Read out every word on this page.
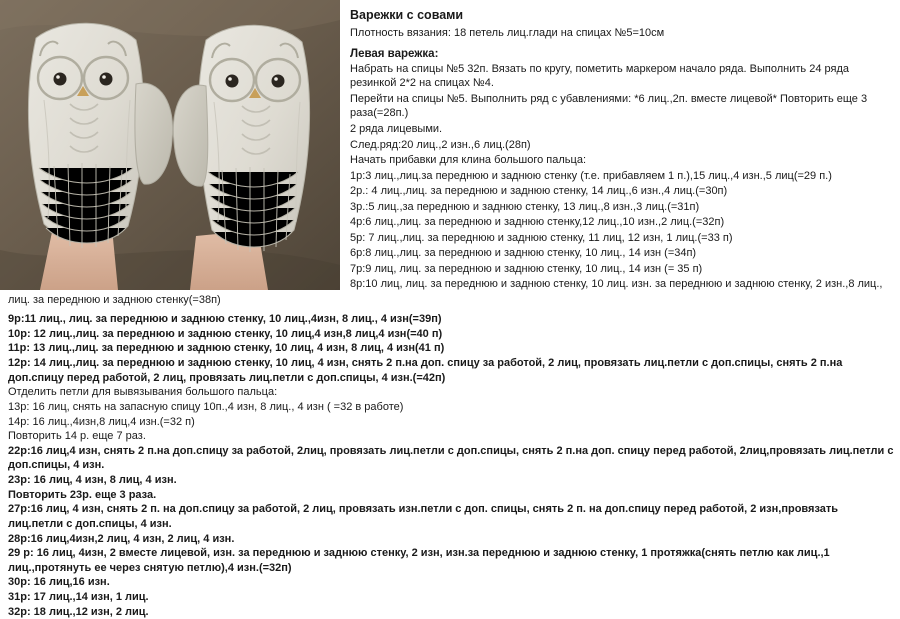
Варежки с совами
Плотность вязания: 18 петель лиц.глади на спицах №5=10см
Левая варежка:
Набрать на спицы №5 32п. Вязать по кругу, пометить маркером начало ряда. Выполнить 24 ряда резинкой 2*2 на спицах №4.
Перейти на спицы №5. Выполнить ряд с убавлениями: *6 лиц.,2п. вместе лицевой* Повторить еще 3 раза(=28п.)
2 ряда лицевыми.
След.ряд:20 лиц.,2 изн.,6 лиц.(28п)
Начать прибавки для клина большого пальца:
1р:3 лиц.,лиц.за переднюю и заднюю стенку (т.е. прибавляем 1 п.),15 лиц.,4 изн.,5 лиц(=29 п.)
2р.: 4 лиц.,лиц. за переднюю и заднюю стенку, 14 лиц.,6 изн.,4 лиц.(=30п)
3р.:5 лиц.,за переднюю и заднюю стенку, 13 лиц.,8 изн.,3 лиц.(=31п)
4р:6 лиц.,лиц. за переднюю и заднюю стенку,12 лиц.,10 изн.,2 лиц.(=32п)
5р: 7 лиц.,лиц. за переднюю и заднюю стенку, 11 лиц, 12 изн, 1 лиц.(=33 п)
6р:8 лиц.,лиц. за переднюю и заднюю стенку, 10 лиц., 14 изн (=34п)
7р:9 лиц, лиц. за переднюю и заднюю стенку, 10 лиц., 14 изн (= 35 п)
8р:10 лиц, лиц. за переднюю и заднюю стенку, 10 лиц. изн. за переднюю и заднюю стенку, 2 изн.,8 лиц.,
лиц. за переднюю и заднюю стенку(=38п)
9р:11 лиц., лиц. за переднюю и заднюю стенку, 10 лиц.,4изн, 8 лиц., 4 изн(=39п)
10р: 12 лиц.,лиц. за переднюю и заднюю стенку, 10 лиц,4 изн,8 лиц,4 изн(=40 п)
11р: 13 лиц.,лиц. за переднюю и заднюю стенку, 10 лиц, 4 изн, 8 лиц, 4 изн(41 п)
12р: 14 лиц.,лиц. за переднюю и заднюю стенку, 10 лиц, 4 изн, снять 2 п.на доп. спицу за работой, 2 лиц, провязать лиц.петли с доп.спицы, снять 2 п.на доп.спицу перед работой, 2 лиц, провязать лиц.петли с доп.спицы, 4 изн.(=42п)
Отделить петли для вывязывания большого пальца:
13р: 16 лиц, снять на запасную спицу 10п.,4 изн, 8 лиц., 4 изн ( =32 в работе)
14р: 16 лиц.,4изн,8 лиц,4 изн.(=32 п)
Повторить 14 р. еще 7 раз.
22р:16 лиц,4 изн, снять 2 п.на доп.спицу за работой, 2лиц, провязать лиц.петли с доп.спицы, снять 2 п.на доп. спицу перед работой, 2лиц,провязать лиц.петли с доп.спицы, 4 изн.
23р: 16 лиц, 4 изн, 8 лиц, 4 изн.
Повторить 23р. еще 3 раза.
27р:16 лиц, 4 изн, снять 2 п. на доп.спицу за работой, 2 лиц, провязать изн.петли с доп. спицы, снять 2 п. на доп.спицу перед работой, 2 изн,провязать лиц.петли с доп.спицы, 4 изн.
28р:16 лиц,4изн,2 лиц, 4 изн, 2 лиц, 4 изн.
29 р: 16 лиц, 4изн, 2 вместе лицевой, изн. за переднюю и заднюю стенку, 2 изн, изн.за переднюю и заднюю стенку, 1 протяжка(снять петлю как лиц.,1 лиц.,протянуть ее через снятую петлю),4 изн.(=32п)
30р: 16 лиц,16 изн.
31р: 17 лиц.,14 изн, 1 лиц.
32р: 18 лиц.,12 изн, 2 лиц.
